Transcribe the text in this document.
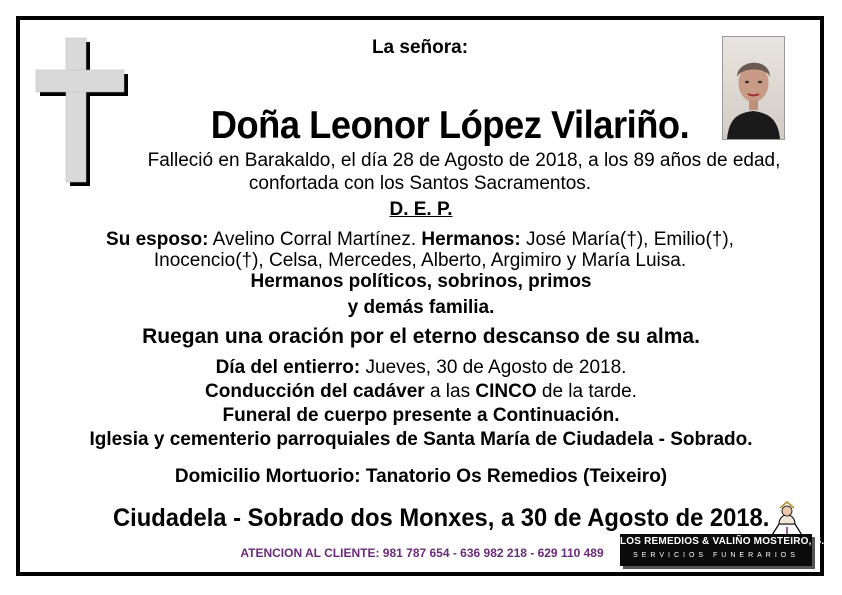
La señora:
Doña Leonor López Vilariño.
Falleció en Barakaldo, el día 28 de Agosto de 2018, a los 89 años de edad,
confortada con los Santos Sacramentos.
D. E. P.
Su esposo: Avelino Corral Martínez. Hermanos: José María(†), Emilio(†),
Inocencio(†), Celsa, Mercedes, Alberto, Argimiro y María Luisa.
Hermanos políticos, sobrinos, primos
y demás familia.
Ruegan una oración por el eterno descanso de su alma.
Día del entierro: Jueves, 30 de Agosto de 2018.
Conducción del cadáver a las CINCO de la tarde.
Funeral de cuerpo presente a Continuación.
Iglesia y cementerio parroquiales de Santa María de Ciudadela - Sobrado.
Domicilio Mortuorio: Tanatorio Os Remedios (Teixeiro)
Ciudadela - Sobrado dos Monxes, a 30 de Agosto de 2018.
ATENCION AL CLIENTE: 981 787 654 - 636 982 218 - 629 110 489
LOS REMEDIOS & VALIÑO MOSTEIRO, S.L.
SERVICIOS FUNERARIOS
